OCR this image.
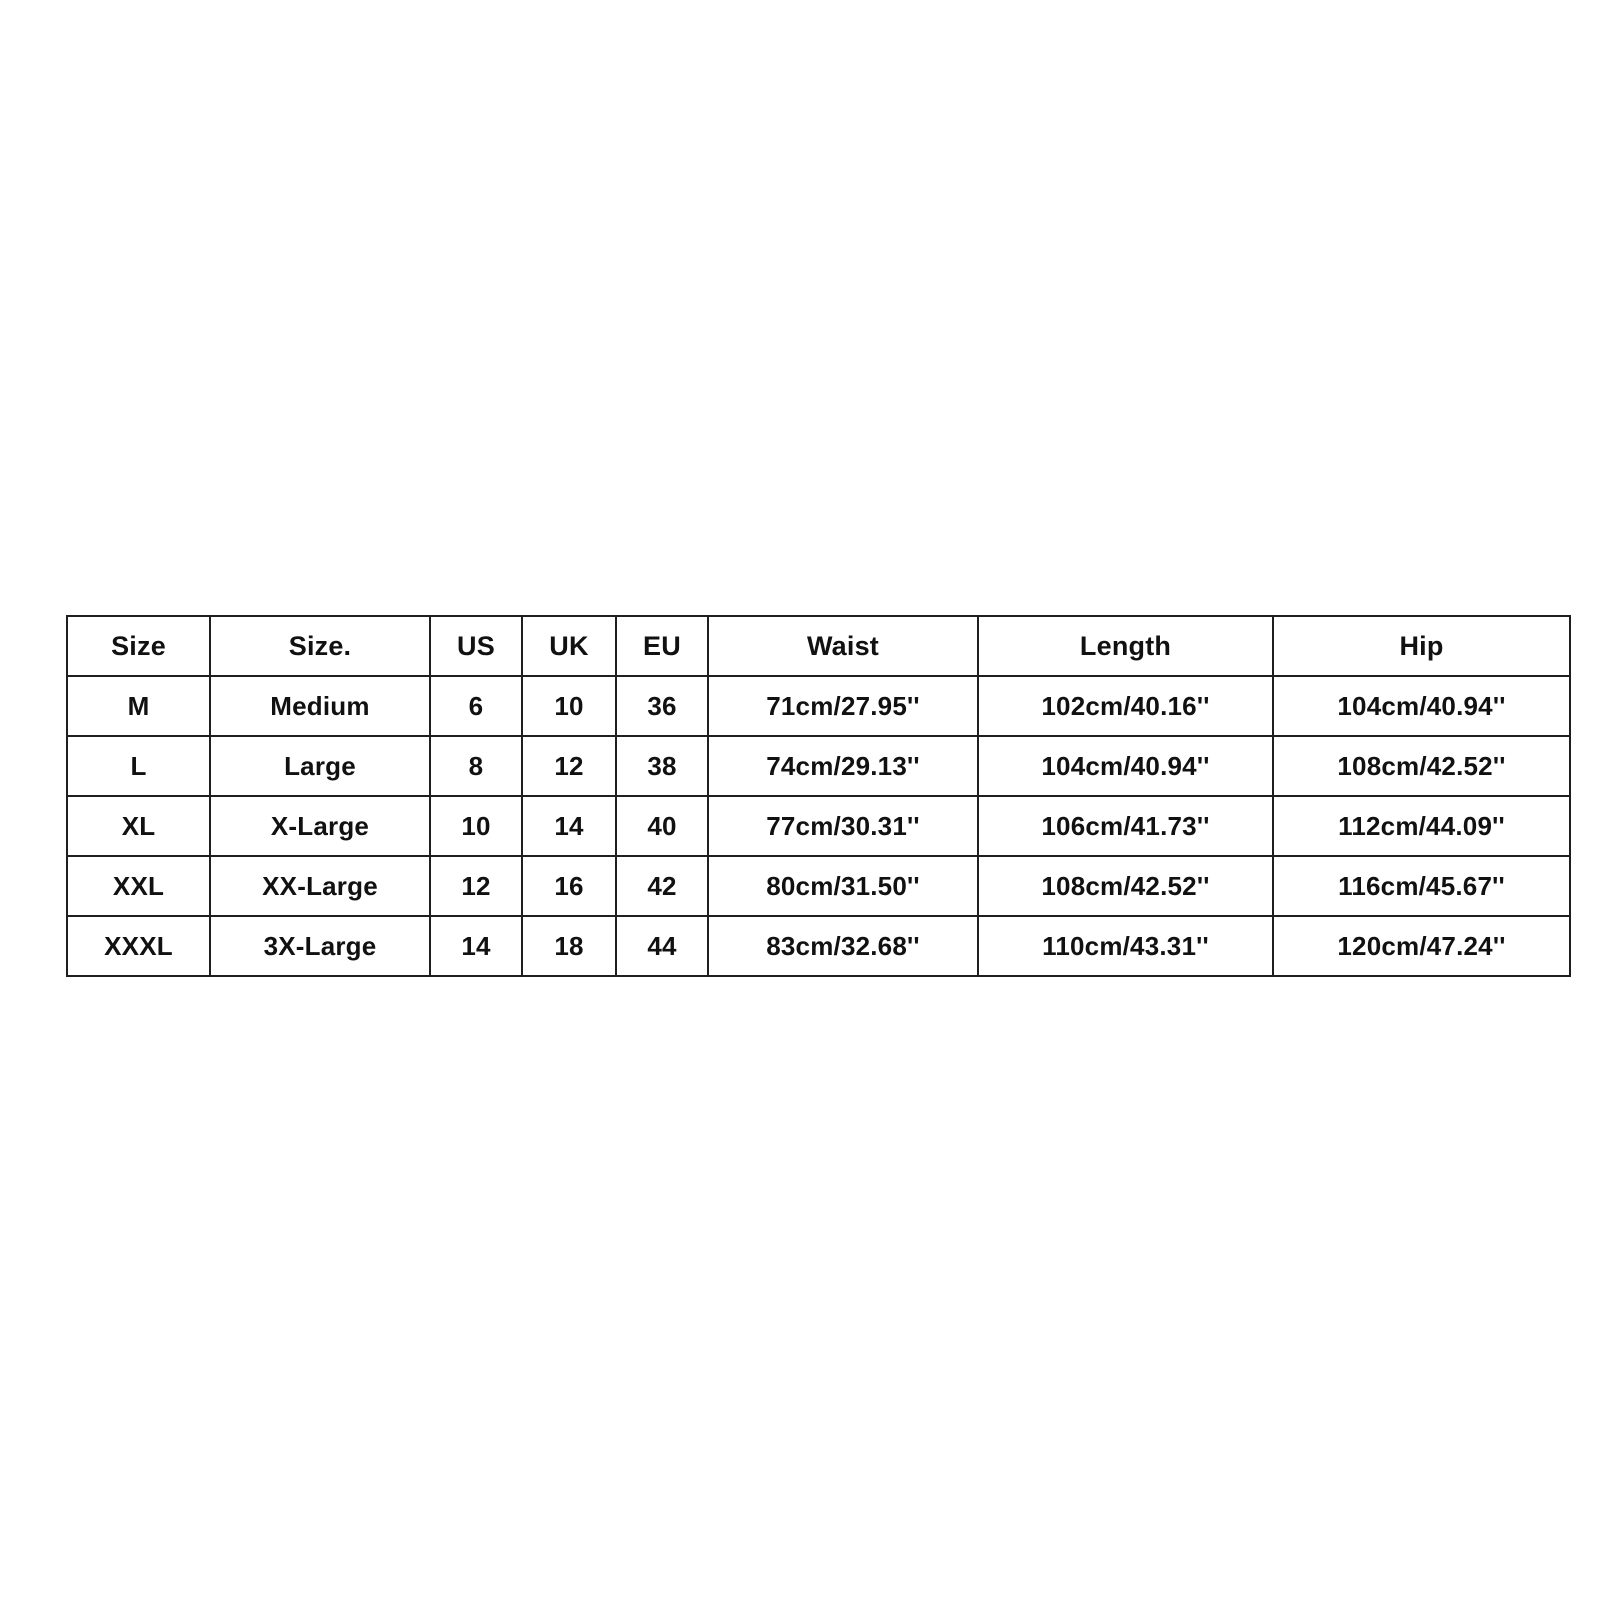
Size	Size.	US	UK	EU	Waist	Length	Hip
M	Medium	6	10	36	71cm/27.95''	102cm/40.16''	104cm/40.94''
L	Large	8	12	38	74cm/29.13''	104cm/40.94''	108cm/42.52''
XL	X-Large	10	14	40	77cm/30.31''	106cm/41.73''	112cm/44.09''
XXL	XX-Large	12	16	42	80cm/31.50''	108cm/42.52''	116cm/45.67''
XXXL	3X-Large	14	18	44	83cm/32.68''	110cm/43.31''	120cm/47.24''
